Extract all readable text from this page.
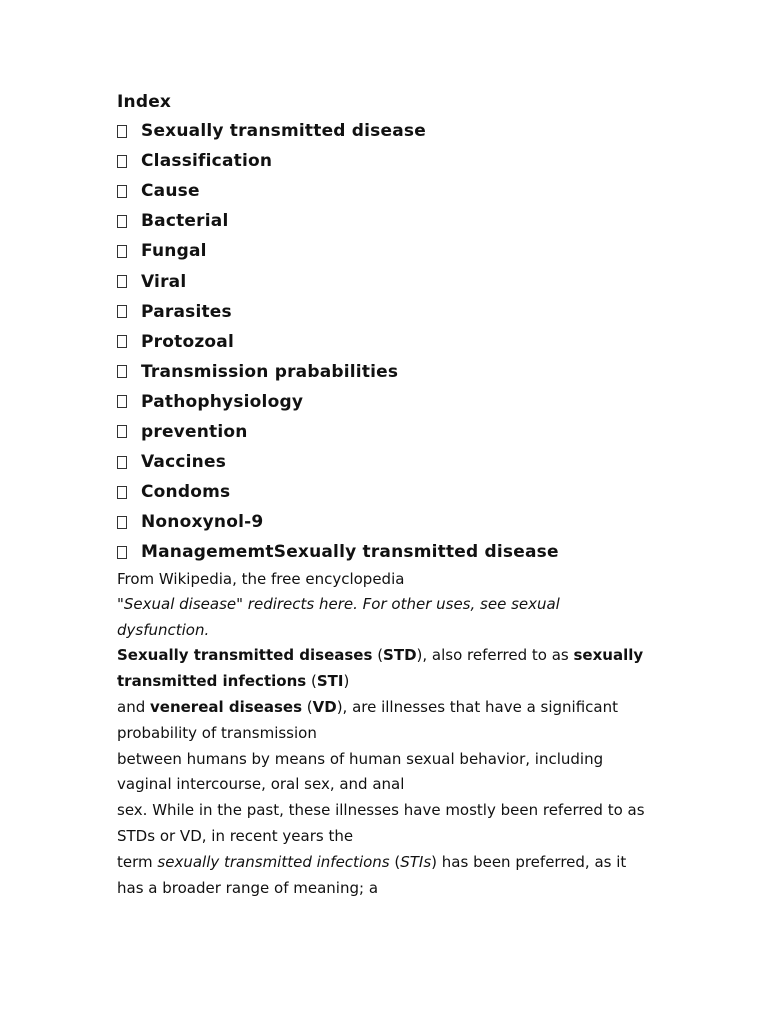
Index
Sexually transmitted disease
Classification
Cause
Bacterial
Fungal
Viral
Parasites
Protozoal
Transmission prababilities
Pathophysiology
prevention
Vaccines
Condoms
Nonoxynol-9
ManagememtSexually transmitted disease

From Wikipedia, the free encyclopedia

"Sexual disease" redirects here. For other uses, see sexual dysfunction.

Sexually transmitted diseases (STD), also referred to as sexually transmitted infections (STI)

and venereal diseases (VD), are illnesses that have a significant probability of transmission

between humans by means of human sexual behavior, including vaginal intercourse, oral sex, and anal

sex. While in the past, these illnesses have mostly been referred to as STDs or VD, in recent years the

term sexually transmitted infections (STIs) has been preferred, as it has a broader range of meaning; a
